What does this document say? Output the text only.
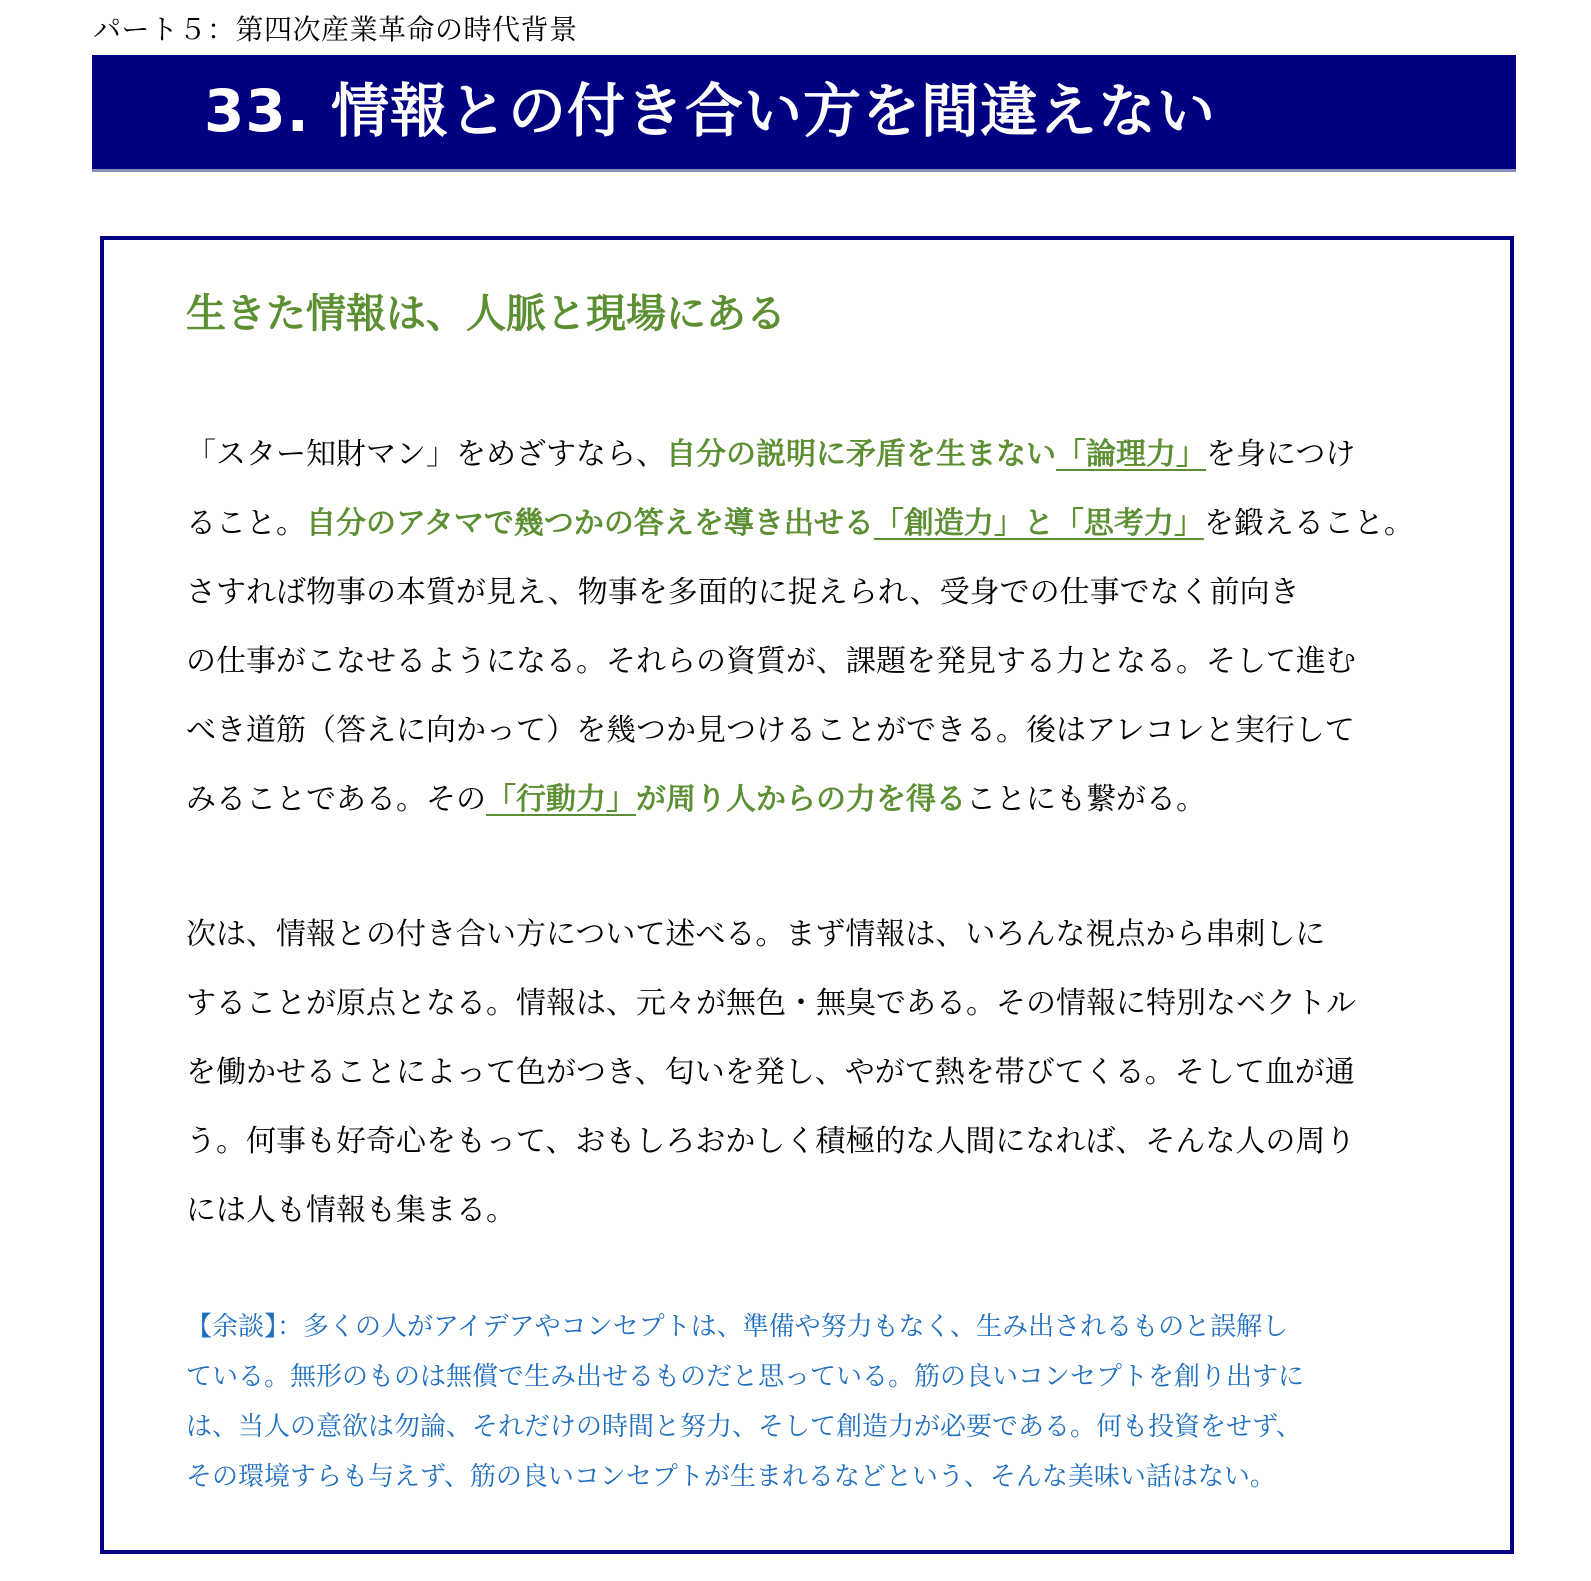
パート５：第四次産業革命の時代背景
33. 情報との付き合い方を間違えない
生きた情報は、人脈と現場にある
「スター知財マン」をめざすなら、自分の説明に矛盾を生まない「論理力」を身につけ
ること。自分のアタマで幾つかの答えを導き出せる「創造力」と「思考力」を鍛えること。
さすれば物事の本質が見え、物事を多面的に捉えられ、受身での仕事でなく前向き
の仕事がこなせるようになる。それらの資質が、課題を発見する力となる。そして進む
べき道筋（答えに向かって）を幾つか見つけることができる。後はアレコレと実行して
みることである。その「行動力」が周り人からの力を得ることにも繋がる。
次は、情報との付き合い方について述べる。まず情報は、いろんな視点から串刺しに
することが原点となる。情報は、元々が無色・無臭である。その情報に特別なベクトル
を働かせることによって色がつき、匂いを発し、やがて熱を帯びてくる。そして血が通
う。何事も好奇心をもって、おもしろおかしく積極的な人間になれば、そんな人の周り
には人も情報も集まる。
【余談】：多くの人がアイデアやコンセプトは、準備や努力もなく、生み出されるものと誤解し
ている。無形のものは無償で生み出せるものだと思っている。筋の良いコンセプトを創り出すに
は、当人の意欲は勿論、それだけの時間と努力、そして創造力が必要である。何も投資をせず、
その環境すらも与えず、筋の良いコンセプトが生まれるなどという、そんな美味い話はない。
